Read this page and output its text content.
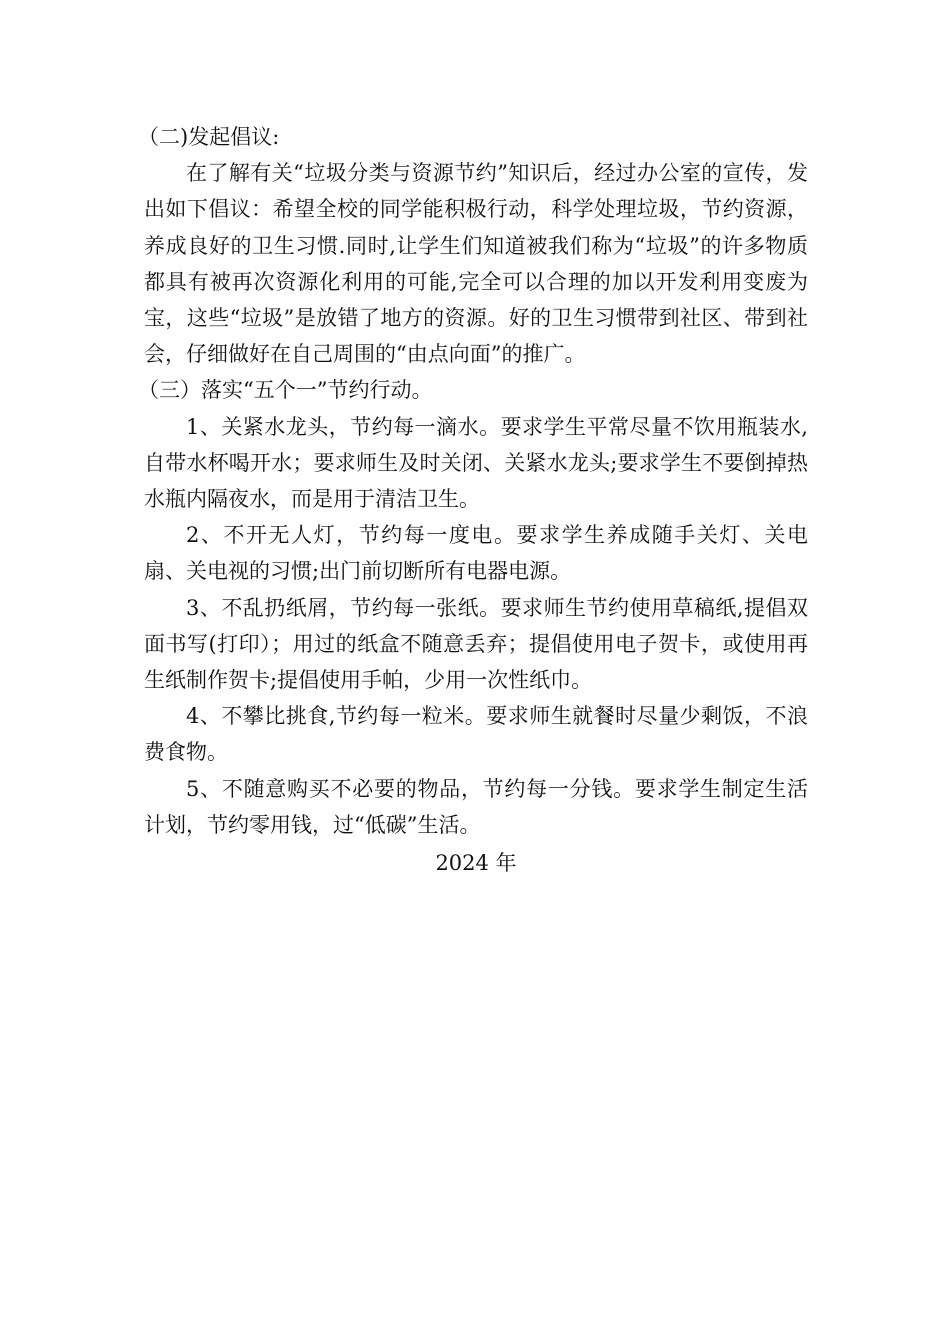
（二)发起倡议:

在了解有关“垃圾分类与资源节约”知识后，经过办公室的宣传，发出如下倡议：希望全校的同学能积极行动，科学处理垃圾，节约资源，养成良好的卫生习惯.同时,让学生们知道被我们称为“垃圾”的许多物质都具有被再次资源化利用的可能,完全可以合理的加以开发利用变废为宝，这些“垃圾”是放错了地方的资源。好的卫生习惯带到社区、带到社会，仔细做好在自己周围的“由点向面”的推广。

（三）落实“五个一”节约行动。

1、关紧水龙头，节约每一滴水。要求学生平常尽量不饮用瓶装水,自带水杯喝开水；要求师生及时关闭、关紧水龙头;要求学生不要倒掉热水瓶内隔夜水，而是用于清洁卫生。

2、不开无人灯，节约每一度电。要求学生养成随手关灯、关电扇、关电视的习惯;出门前切断所有电器电源。

3、不乱扔纸屑，节约每一张纸。要求师生节约使用草稿纸,提倡双面书写(打印）；用过的纸盒不随意丢弃；提倡使用电子贺卡，或使用再生纸制作贺卡;提倡使用手帕，少用一次性纸巾。

4、不攀比挑食,节约每一粒米。要求师生就餐时尽量少剩饭，不浪费食物。

5、不随意购买不必要的物品，节约每一分钱。要求学生制定生活计划，节约零用钱，过“低碳”生活。

2024 年
